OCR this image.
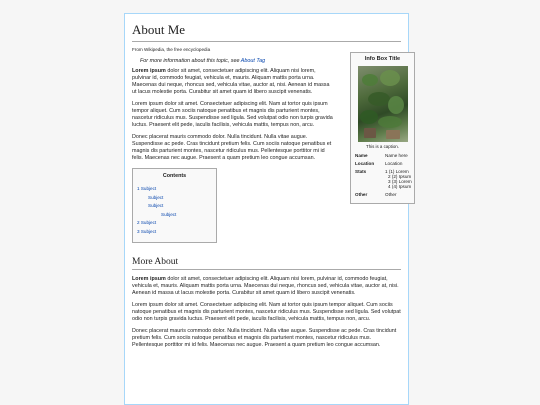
About Me
From Wikipedia, the free encyclopedia
For more information about this topic, see About Tag

Lorem ipsum dolor sit amet, consectetuer adipiscing elit. Aliquam nisi lorem, pulvinar id, commodo feugiat, vehicula et, mauris. Aliquam mattis porta urna. Maecenas dui neque, rhoncus sed, vehicula vitae, auctor at, nisi. Aenean id massa ut lacus molestie porta. Curabitur sit amet quam id libero suscipit venenatis.

Lorem ipsum dolor sit amet. Consectetuer adipiscing elit. Nam at tortor quis ipsum tempor aliquet. Cum sociis natoque penatibus et magnis dis parturient montes, nascetur ridiculus mus. Suspendisse sed ligula. Sed volutpat odio non turpis gravida luctus. Praesent elit pede, iaculis facilisis, vehicula mattis, tempus non, arcu.

Donec placerat mauris commodo dolor. Nulla tincidunt. Nulla vitae augue. Suspendisse ac pede. Cras tincidunt pretium felis. Cum sociis natoque penatibus et magnis dis parturient montes, nascetur ridiculus mus. Pellentesque porttitor mi id felis. Maecenas nec augue. Praesent a quam pretium leo congue accumsan.

Contents
1 Subject
Subject
Subject
Subject
2 Subject
3 Subject
Info Box Title
This is a caption.
Name	Name here
Location	Location
Stats	1 (1) Lorem
2 (2) Ipsum
3 (3) Lorem
4 (4) Ipsum
Other	Other
More About

Lorem ipsum dolor sit amet, consectetuer adipiscing elit. Aliquam nisi lorem, pulvinar id, commodo feugiat, vehicula et, mauris. Aliquam mattis porta urna. Maecenas dui neque, rhoncus sed, vehicula vitae, auctor at, nisi. Aenean id massa ut lacus molestie porta. Curabitur sit amet quam id libero suscipit venenatis.

Lorem ipsum dolor sit amet. Consectetuer adipiscing elit. Nam at tortor quis ipsum tempor aliquet. Cum sociis natoque penatibus et magnis dis parturient montes, nascetur ridiculus mus. Suspendisse sed ligula. Sed volutpat odio non turpis gravida luctus. Praesent elit pede, iaculis facilisis, vehicula mattis, tempus non, arcu.

Donec placerat mauris commodo dolor. Nulla tincidunt. Nulla vitae augue. Suspendisse ac pede. Cras tincidunt pretium felis. Cum sociis natoque penatibus et magnis dis parturient montes, nascetur ridiculus mus. Pellentesque porttitor mi id felis. Maecenas nec augue. Praesent a quam pretium leo congue accumsan.
